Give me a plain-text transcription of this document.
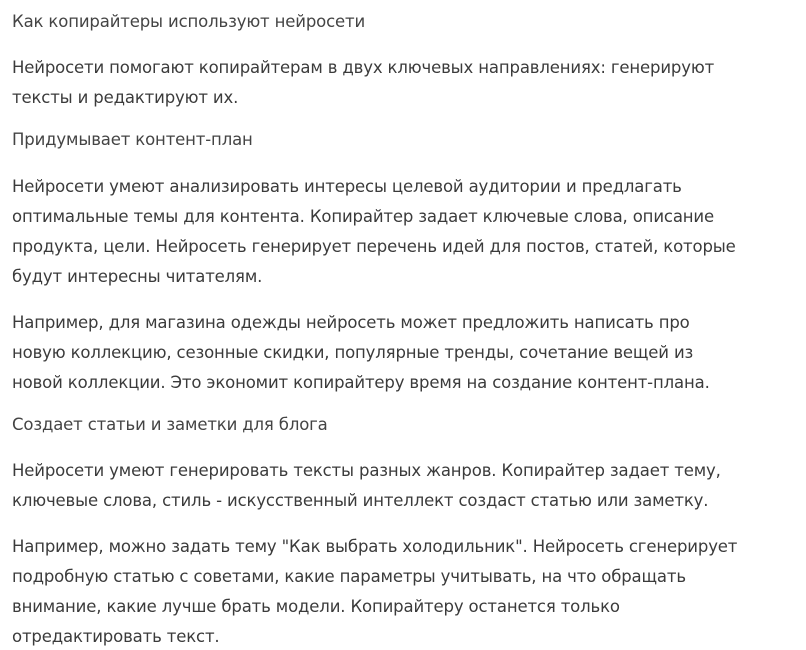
Как копирайтеры используют нейросети

Нейросети помогают копирайтерам в двух ключевых направлениях: генерируют
тексты и редактируют их.

Придумывает контент-план

Нейросети умеют анализировать интересы целевой аудитории и предлагать
оптимальные темы для контента. Копирайтер задает ключевые слова, описание
продукта, цели. Нейросеть генерирует перечень идей для постов, статей, которые
будут интересны читателям.

Например, для магазина одежды нейросеть может предложить написать про
новую коллекцию, сезонные скидки, популярные тренды, сочетание вещей из
новой коллекции. Это экономит копирайтеру время на создание контент-плана.

Создает статьи и заметки для блога

Нейросети умеют генерировать тексты разных жанров. Копирайтер задает тему,
ключевые слова, стиль - искусственный интеллект создаст статью или заметку.

Например, можно задать тему "Как выбрать холодильник". Нейросеть сгенерирует
подробную статью с советами, какие параметры учитывать, на что обращать
внимание, какие лучше брать модели. Копирайтеру останется только
отредактировать текст.
